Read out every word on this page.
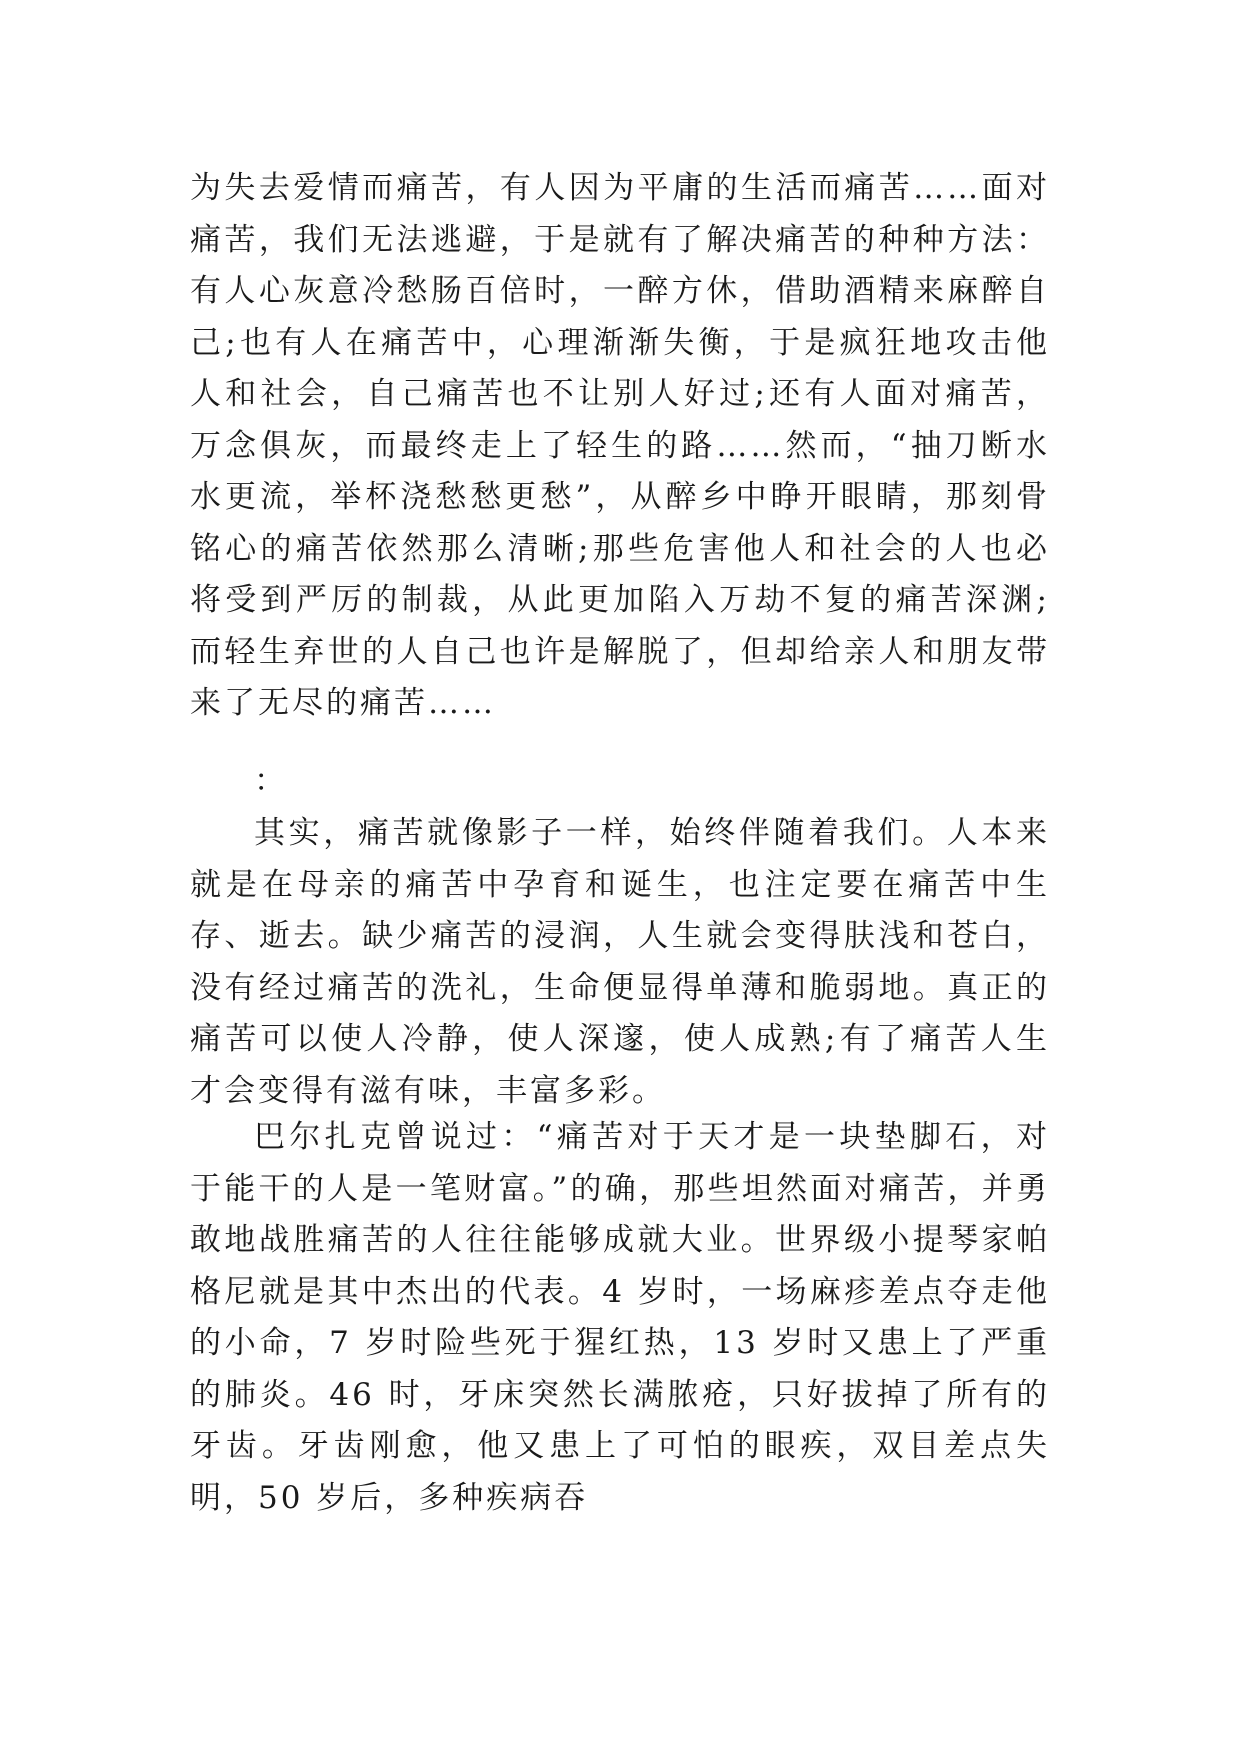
为失去爱情而痛苦，有人因为平庸的生活而痛苦……面对痛苦，我们无法逃避，于是就有了解决痛苦的种种方法：有人心灰意冷愁肠百倍时，一醉方休，借助酒精来麻醉自己;也有人在痛苦中，心理渐渐失衡，于是疯狂地攻击他人和社会，自己痛苦也不让别人好过;还有人面对痛苦，万念俱灰，而最终走上了轻生的路……然而，“抽刀断水水更流，举杯浇愁愁更愁”，从醉乡中睁开眼睛，那刻骨铭心的痛苦依然那么清晰;那些危害他人和社会的人也必将受到严厉的制裁，从此更加陷入万劫不复的痛苦深渊;而轻生弃世的人自己也许是解脱了，但却给亲人和朋友带来了无尽的痛苦……

：

其实，痛苦就像影子一样，始终伴随着我们。人本来就是在母亲的痛苦中孕育和诞生，也注定要在痛苦中生存、逝去。缺少痛苦的浸润，人生就会变得肤浅和苍白，没有经过痛苦的洗礼，生命便显得单薄和脆弱地。真正的痛苦可以使人冷静，使人深邃，使人成熟;有了痛苦人生才会变得有滋有味，丰富多彩。

巴尔扎克曾说过：“痛苦对于天才是一块垫脚石，对于能干的人是一笔财富。”的确，那些坦然面对痛苦，并勇敢地战胜痛苦的人往往能够成就大业。世界级小提琴家帕格尼就是其中杰出的代表。4 岁时，一场麻疹差点夺走他的小命，7 岁时险些死于猩红热，13 岁时又患上了严重的肺炎。46 时，牙床突然长满脓疮，只好拔掉了所有的牙齿。牙齿刚愈，他又患上了可怕的眼疾，双目差点失明，50 岁后，多种疾病吞
